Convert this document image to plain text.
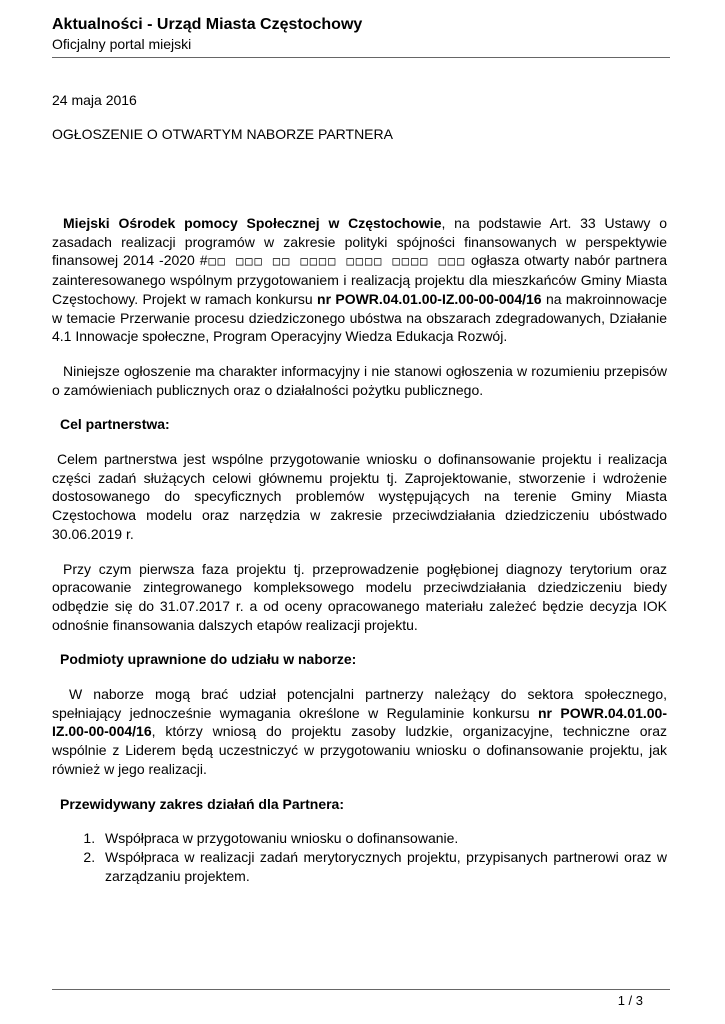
Aktualności - Urząd Miasta Częstochowy

Oficjalny portal miejski

24 maja 2016

OGŁOSZENIE O OTWARTYM NABORZE PARTNERA

Miejski Ośrodek pomocy Społecznej w Częstochowie, na podstawie Art. 33 Ustawy o zasadach realizacji programów w zakresie polityki spójności finansowanych w perspektywie finansowej 2014 -2020 #□□ □□□ □□ □□□□ □□□□ □□□□ □□□ ogłasza otwarty nabór partnera zainteresowanego wspólnym przygotowaniem i realizacją projektu dla mieszkańców Gminy Miasta Częstochowy. Projekt w ramach konkursu nr POWR.04.01.00-IZ.00-00-004/16 na makroinnowacje w temacie Przerwanie procesu dziedziczonego ubóstwa na obszarach zdegradowanych, Działanie 4.1 Innowacje społeczne, Program Operacyjny Wiedza Edukacja Rozwój.

Niniejsze ogłoszenie ma charakter informacyjny i nie stanowi ogłoszenia w rozumieniu przepisów o zamówieniach publicznych oraz o działalności pożytku publicznego.

Cel partnerstwa:

Celem partnerstwa jest wspólne przygotowanie wniosku o dofinansowanie projektu i realizacja części zadań służących celowi głównemu projektu tj. Zaprojektowanie, stworzenie i wdrożenie dostosowanego do specyficznych problemów występujących na terenie Gminy Miasta Częstochowa modelu oraz narzędzia w zakresie przeciwdziałania dziedziczeniu ubóstwado 30.06.2019 r.

Przy czym pierwsza faza projektu tj. przeprowadzenie pogłębionej diagnozy terytorium oraz opracowanie zintegrowanego kompleksowego modelu przeciwdziałania dziedziczeniu biedy odbędzie się do 31.07.2017 r. a od oceny opracowanego materiału zależeć będzie decyzja IOK odnośnie finansowania dalszych etapów realizacji projektu.

Podmioty uprawnione do udziału w naborze:

W naborze mogą brać udział potencjalni partnerzy należący do sektora społecznego, spełniający jednocześnie wymagania określone w Regulaminie konkursu nr POWR.04.01.00-IZ.00-00-004/16, którzy wniosą do projektu zasoby ludzkie, organizacyjne, techniczne oraz wspólnie z Liderem będą uczestniczyć w przygotowaniu wniosku o dofinansowanie projektu, jak również w jego realizacji.

Przewidywany zakres działań dla Partnera:

1. Współpraca w przygotowaniu wniosku o dofinansowanie.
2. Współpraca w realizacji zadań merytorycznych projektu, przypisanych partnerowi oraz w zarządzaniu projektem.
1 / 3
